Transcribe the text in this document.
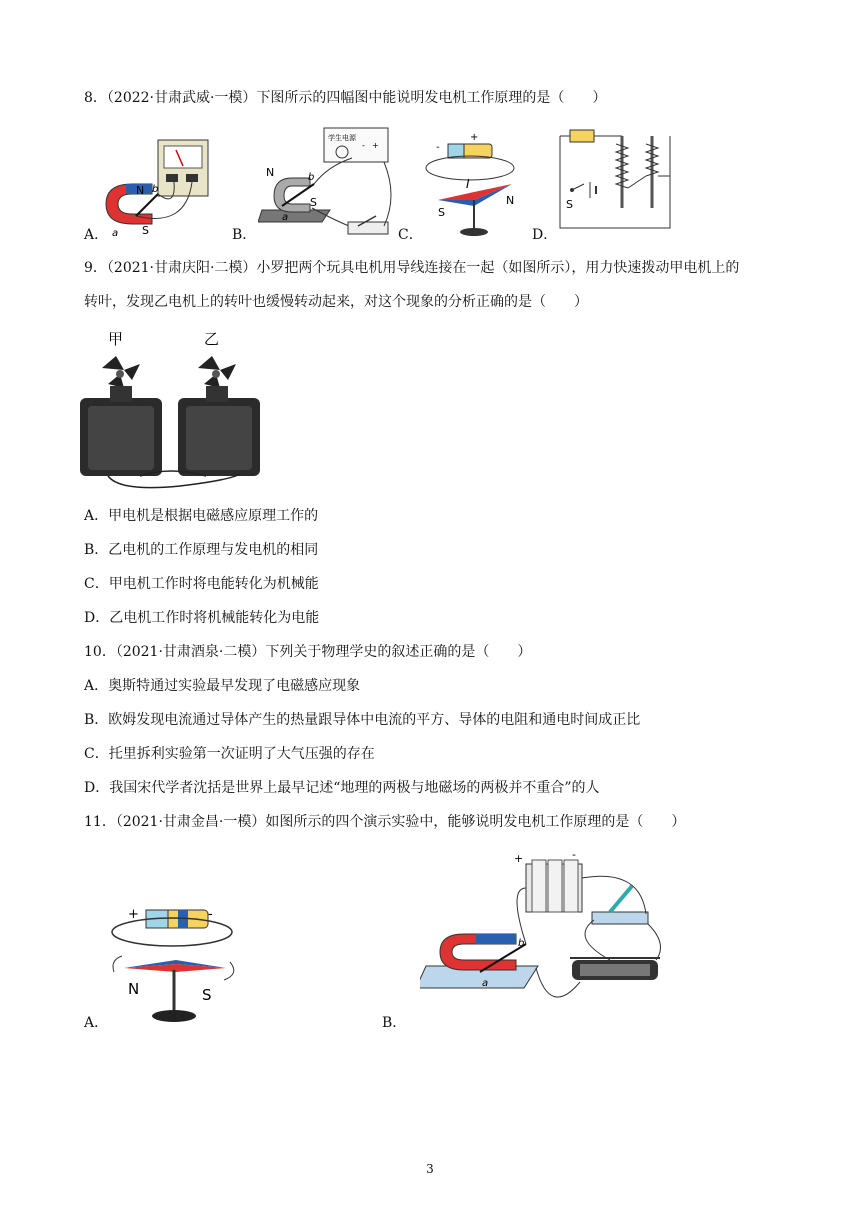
8．（2022·甘肃武威·一模）下图所示的四幅图中能说明发电机工作原理的是（　　）
N
S
a
b
A．
学生电源
- +
N
S
a
b
B．
+
-
I
N
S
C．
S
D．
9．（2021·甘肃庆阳·二模）小罗把两个玩具电机用导线连接在一起（如图所示），用力快速拨动甲电机上的
转叶，发现乙电机上的转叶也缓慢转动起来，对这个现象的分析正确的是（　　）
甲	乙
A．甲电机是根据电磁感应原理工作的
B．乙电机的工作原理与发电机的相同
C．甲电机工作时将电能转化为机械能
D．乙电机工作时将机械能转化为电能
10．（2021·甘肃酒泉·二模）下列关于物理学史的叙述正确的是（　　）
A．奥斯特通过实验最早发现了电磁感应现象
B．欧姆发现电流通过导体产生的热量跟导体中电流的平方、导体的电阻和通电时间成正比
C．托里拆利实验第一次证明了大气压强的存在
D．我国宋代学者沈括是世界上最早记述“地理的两极与地磁场的两极并不重合”的人
11．（2021·甘肃金昌·一模）如图所示的四个演示实验中，能够说明发电机工作原理的是（　　）
+	-
N	S
A．
+	-
a
b
B．
3
